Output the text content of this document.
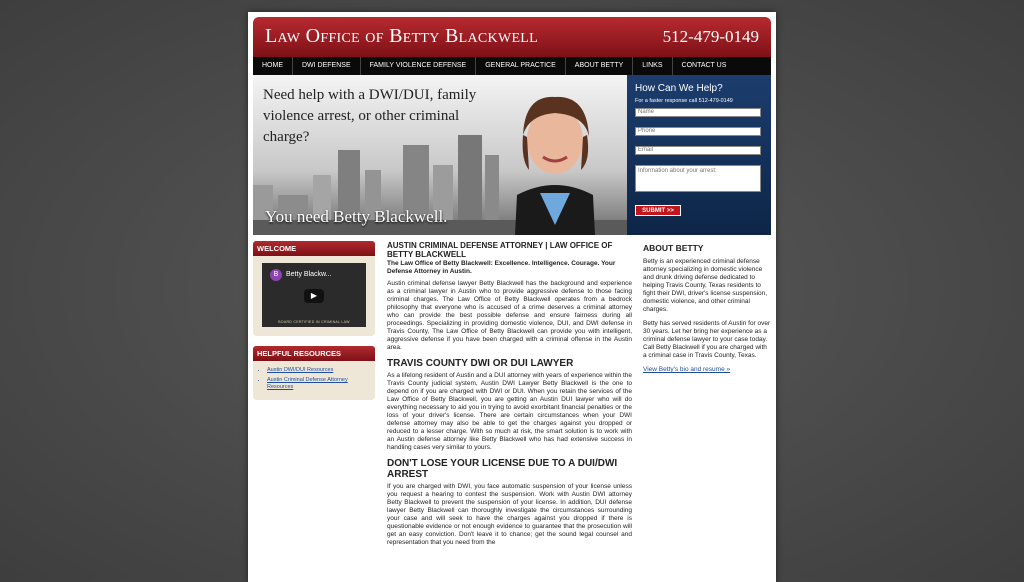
Law Office of Betty Blackwell	512-479-0149
HOME	DWI DEFENSE	FAMILY VIOLENCE DEFENSE	GENERAL PRACTICE	ABOUT BETTY	LINKS	CONTACT US
Need help with a DWI/DUI, family violence arrest, or other criminal charge?
You need Betty Blackwell.
How Can We Help?
For a faster response call 512-479-0149
Name
Phone
Email
Information about your arrest:
SUBMIT >>
WELCOME
B	Betty Blackw...
▶
BOARD CERTIFIED IN CRIMINAL LAW
HELPFUL RESOURCES
• Austin DWI/DUI Resources
• Austin Criminal Defense Attorney Resources
AUSTIN CRIMINAL DEFENSE ATTORNEY | LAW OFFICE OF BETTY BLACKWELL
The Law Office of Betty Blackwell: Excellence. Intelligence. Courage. Your Defense Attorney in Austin.

Austin criminal defense lawyer Betty Blackwell has the background and experience as a criminal lawyer in Austin who to provide aggressive defense to those facing criminal charges. The Law Office of Betty Blackwell operates from a bedrock philosophy that everyone who is accused of a crime deserves a criminal attorney who can provide the best possible defense and ensure fairness during all proceedings. Specializing in providing domestic violence, DUI, and DWI defense in Travis County, The Law Office of Betty Blackwell can provide you with intelligent, aggressive defense if you have been charged with a criminal offense in the Austin area.

TRAVIS COUNTY DWI OR DUI LAWYER

As a lifelong resident of Austin and a DUI attorney with years of experience within the Travis County judicial system, Austin DWI Lawyer Betty Blackwell is the one to depend on if you are charged with DWI or DUI. When you retain the services of the Law Office of Betty Blackwell, you are getting an Austin DUI lawyer who will do everything necessary to aid you in trying to avoid exorbitant financial penalties or the loss of your driver's license. There are certain circumstances when your DWI defense attorney may also be able to get the charges against you dropped or reduced to a lesser charge. With so much at risk, the smart solution is to work with an Austin defense attorney like Betty Blackwell who has had extensive success in handling cases very similar to yours.

DON'T LOSE YOUR LICENSE DUE TO A DUI/DWI ARREST

If you are charged with DWI, you face automatic suspension of your license unless you request a hearing to contest the suspension. Work with Austin DWI attorney Betty Blackwell to prevent the suspension of your license. In addition, DUI defense lawyer Betty Blackwell can thoroughly investigate the circumstances surrounding your case and will seek to have the charges against you dropped if there is questionable evidence or not enough evidence to guarantee that the prosecution will get an easy conviction. Don't leave it to chance; get the sound legal counsel and representation that you need from the

ABOUT BETTY

Betty is an experienced criminal defense attorney specializing in domestic violence and drunk driving defense dedicated to helping Travis County, Texas residents to fight their DWI, driver's license suspension, domestic violence, and other criminal charges.

Betty has served residents of Austin for over 30 years. Let her bring her experience as a criminal defense lawyer to your case today. Call Betty Blackwell if you are charged with a criminal case in Travis County, Texas.

View Betty's bio and resume »
